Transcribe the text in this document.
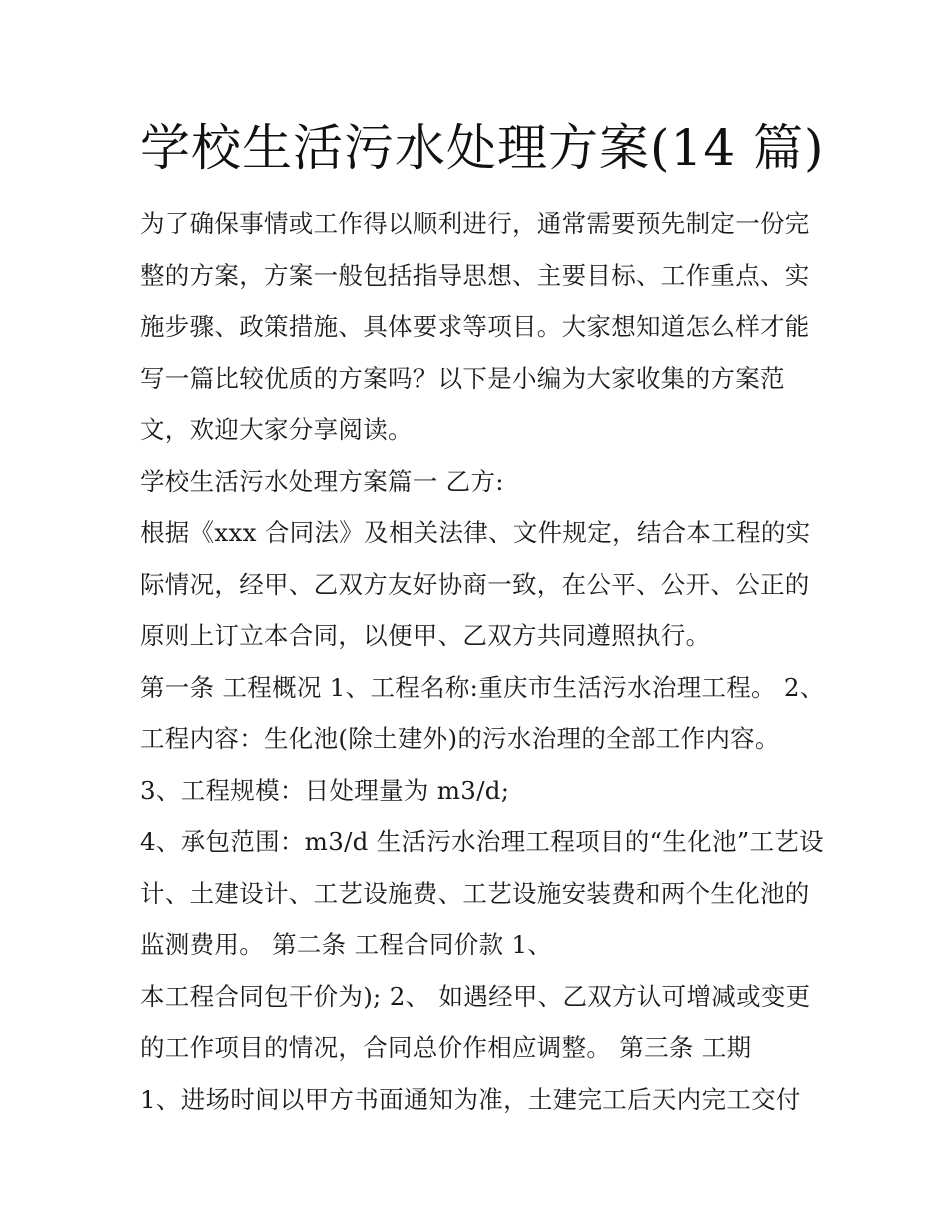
学校生活污水处理方案(14 篇)
为了确保事情或工作得以顺利进行，通常需要预先制定一份完
整的方案，方案一般包括指导思想、主要目标、工作重点、实
施步骤、政策措施、具体要求等项目。大家想知道怎么样才能
写一篇比较优质的方案吗？以下是小编为大家收集的方案范
文，欢迎大家分享阅读。
学校生活污水处理方案篇一 乙方:
根据《xxx 合同法》及相关法律、文件规定，结合本工程的实
际情况，经甲、乙双方友好协商一致，在公平、公开、公正的
原则上订立本合同，以便甲、乙双方共同遵照执行。
第一条 工程概况 1、工程名称:重庆市生活污水治理工程。 2、
工程内容：生化池(除土建外)的污水治理的全部工作内容。
3、工程规模：日处理量为 m3/d;
4、承包范围：m3/d 生活污水治理工程项目的“生化池”工艺设
计、土建设计、工艺设施费、工艺设施安装费和两个生化池的
监测费用。 第二条 工程合同价款 1、
本工程合同包干价为); 2、 如遇经甲、乙双方认可增减或变更
的工作项目的情况，合同总价作相应调整。 第三条 工期
1、进场时间以甲方书面通知为准，土建完工后天内完工交付
